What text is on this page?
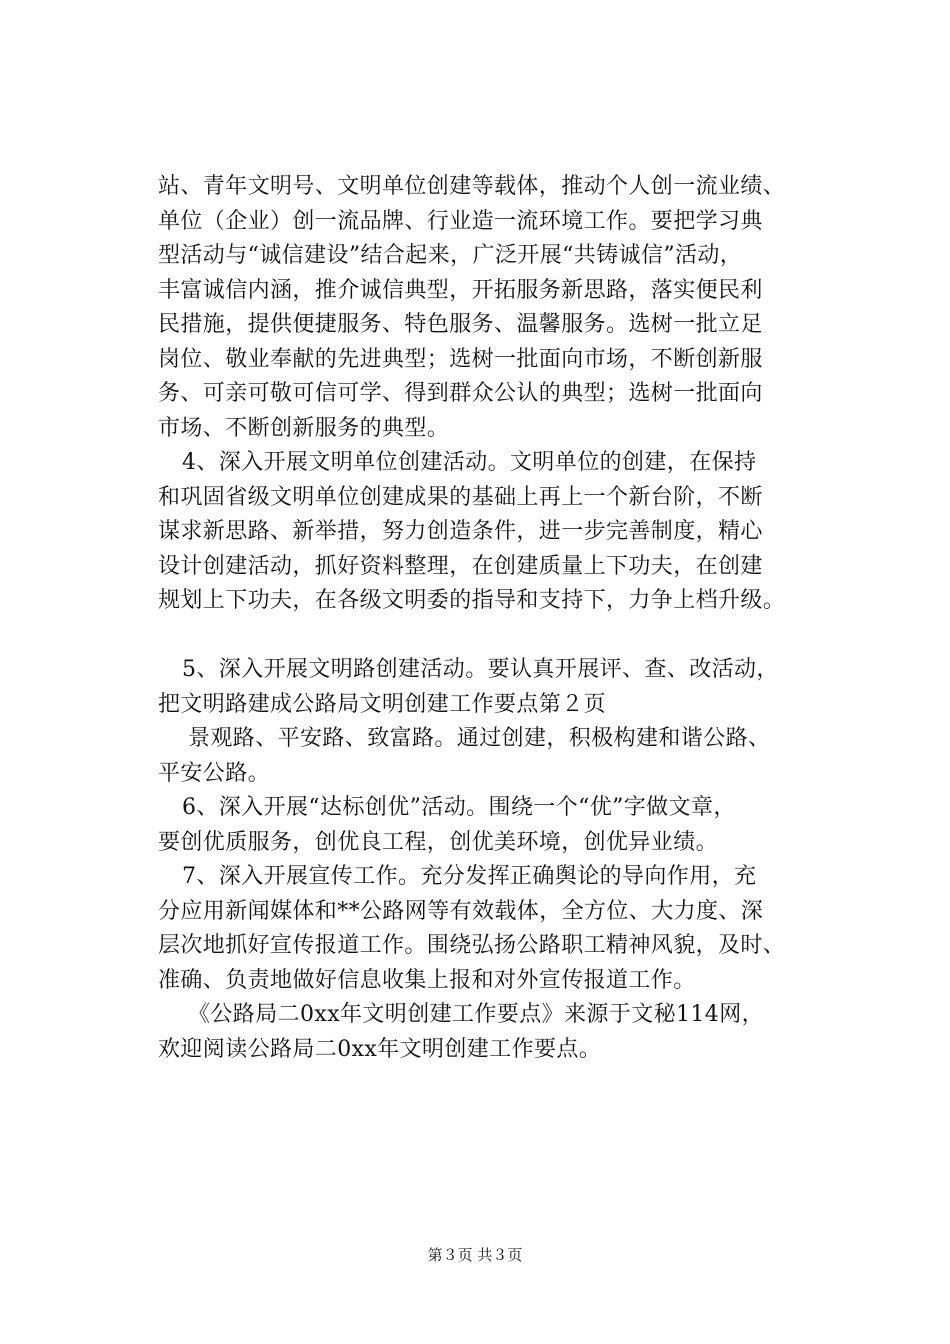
站、青年文明号、文明单位创建等载体，推动个人创一流业绩、
单位（企业）创一流品牌、行业造一流环境工作。要把学习典
型活动与“诚信建设”结合起来，广泛开展“共铸诚信”活动，
丰富诚信内涵，推介诚信典型，开拓服务新思路，落实便民利
民措施，提供便捷服务、特色服务、温馨服务。选树一批立足
岗位、敬业奉献的先进典型；选树一批面向市场，不断创新服
务、可亲可敬可信可学、得到群众公认的典型；选树一批面向
市场、不断创新服务的典型。
4、深入开展文明单位创建活动。文明单位的创建，在保持
和巩固省级文明单位创建成果的基础上再上一个新台阶，不断
谋求新思路、新举措，努力创造条件，进一步完善制度，精心
设计创建活动，抓好资料整理，在创建质量上下功夫，在创建
规划上下功夫，在各级文明委的指导和支持下，力争上档升级。
5、深入开展文明路创建活动。要认真开展评、查、改活动，
把文明路建成公路局文明创建工作要点第２页
景观路、平安路、致富路。通过创建，积极构建和谐公路、
平安公路。
6、深入开展“达标创优”活动。围绕一个“优”字做文章，
要创优质服务，创优良工程，创优美环境，创优异业绩。
7、深入开展宣传工作。充分发挥正确舆论的导向作用，充
分应用新闻媒体和**公路网等有效载体，全方位、大力度、深
层次地抓好宣传报道工作。围绕弘扬公路职工精神风貌，及时、
准确、负责地做好信息收集上报和对外宣传报道工作。
《公路局二0xx年文明创建工作要点》来源于文秘114网，
欢迎阅读公路局二0xx年文明创建工作要点。
第３页 共３页
